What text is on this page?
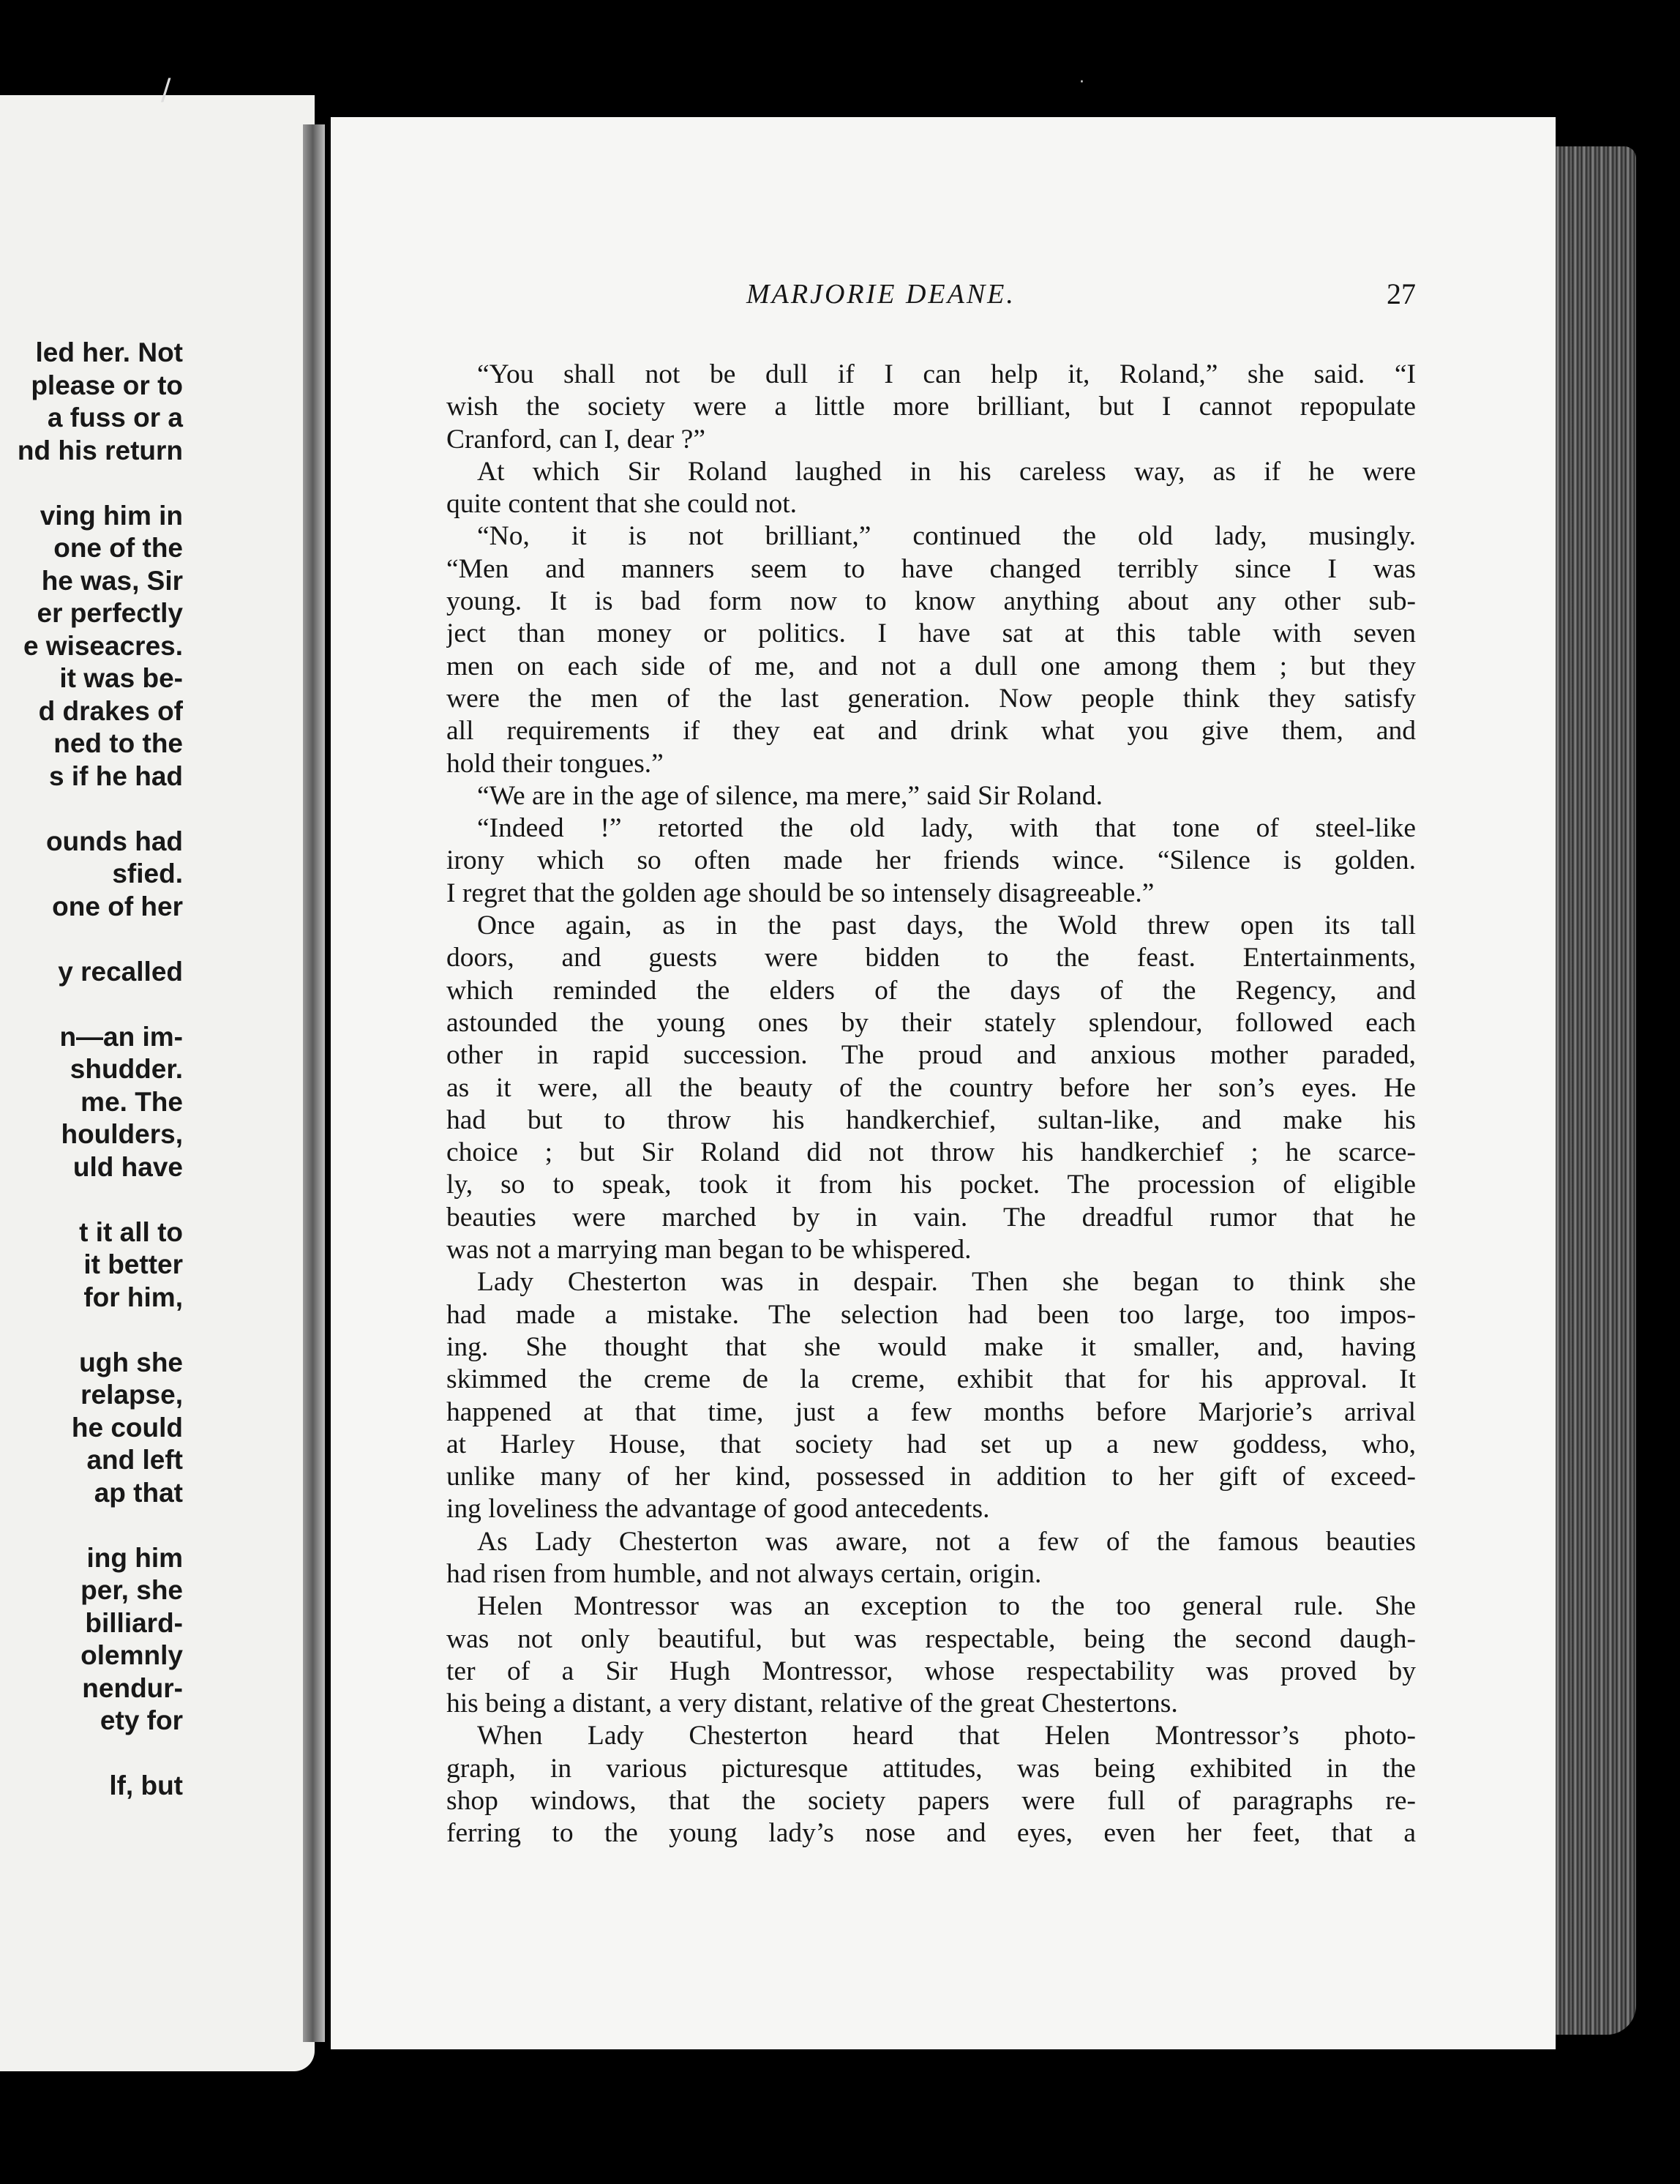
led her. Not
please or to
a fuss or a
nd his return
ving him in
one of the
he was, Sir
er perfectly
e wiseacres.
it was be-
d drakes of
ned to the
s if he had
ounds had
sfied.
one of her
y recalled
n—an im-
shudder.
me. The
houlders,
uld have
t it all to
it better
for him,
ugh she
relapse,
he could
and left
ap that
ing him
per, she
billiard-
olemnly
nendur-
ety for
lf, but
MARJORIE DEANE.	27
“You shall not be dull if I can help it, Roland,” she said. “I
wish the society were a little more brilliant, but I cannot repopulate
Cranford, can I, dear ?”
At which Sir Roland laughed in his careless way, as if he were
quite content that she could not.
“No, it is not brilliant,” continued the old lady, musingly.
“Men and manners seem to have changed terribly since I was
young. It is bad form now to know anything about any other sub-
ject than money or politics. I have sat at this table with seven
men on each side of me, and not a dull one among them ; but they
were the men of the last generation. Now people think they satisfy
all requirements if they eat and drink what you give them, and
hold their tongues.”
“We are in the age of silence, ma mere,” said Sir Roland.
“Indeed !” retorted the old lady, with that tone of steel-like
irony which so often made her friends wince. “Silence is golden.
I regret that the golden age should be so intensely disagreeable.”
Once again, as in the past days, the Wold threw open its tall
doors, and guests were bidden to the feast. Entertainments,
which reminded the elders of the days of the Regency, and
astounded the young ones by their stately splendour, followed each
other in rapid succession. The proud and anxious mother paraded,
as it were, all the beauty of the country before her son’s eyes. He
had but to throw his handkerchief, sultan-like, and make his
choice ; but Sir Roland did not throw his handkerchief ; he scarce-
ly, so to speak, took it from his pocket. The procession of eligible
beauties were marched by in vain. The dreadful rumor that he
was not a marrying man began to be whispered.
Lady Chesterton was in despair. Then she began to think she
had made a mistake. The selection had been too large, too impos-
ing. She thought that she would make it smaller, and, having
skimmed the creme de la creme, exhibit that for his approval. It
happened at that time, just a few months before Marjorie’s arrival
at Harley House, that society had set up a new goddess, who,
unlike many of her kind, possessed in addition to her gift of exceed-
ing loveliness the advantage of good antecedents.
As Lady Chesterton was aware, not a few of the famous beauties
had risen from humble, and not always certain, origin.
Helen Montressor was an exception to the too general rule. She
was not only beautiful, but was respectable, being the second daugh-
ter of a Sir Hugh Montressor, whose respectability was proved by
his being a distant, a very distant, relative of the great Chestertons.
When Lady Chesterton heard that Helen Montressor’s photo-
graph, in various picturesque attitudes, was being exhibited in the
shop windows, that the society papers were full of paragraphs re-
ferring to the young lady’s nose and eyes, even her feet, that a
/	·
